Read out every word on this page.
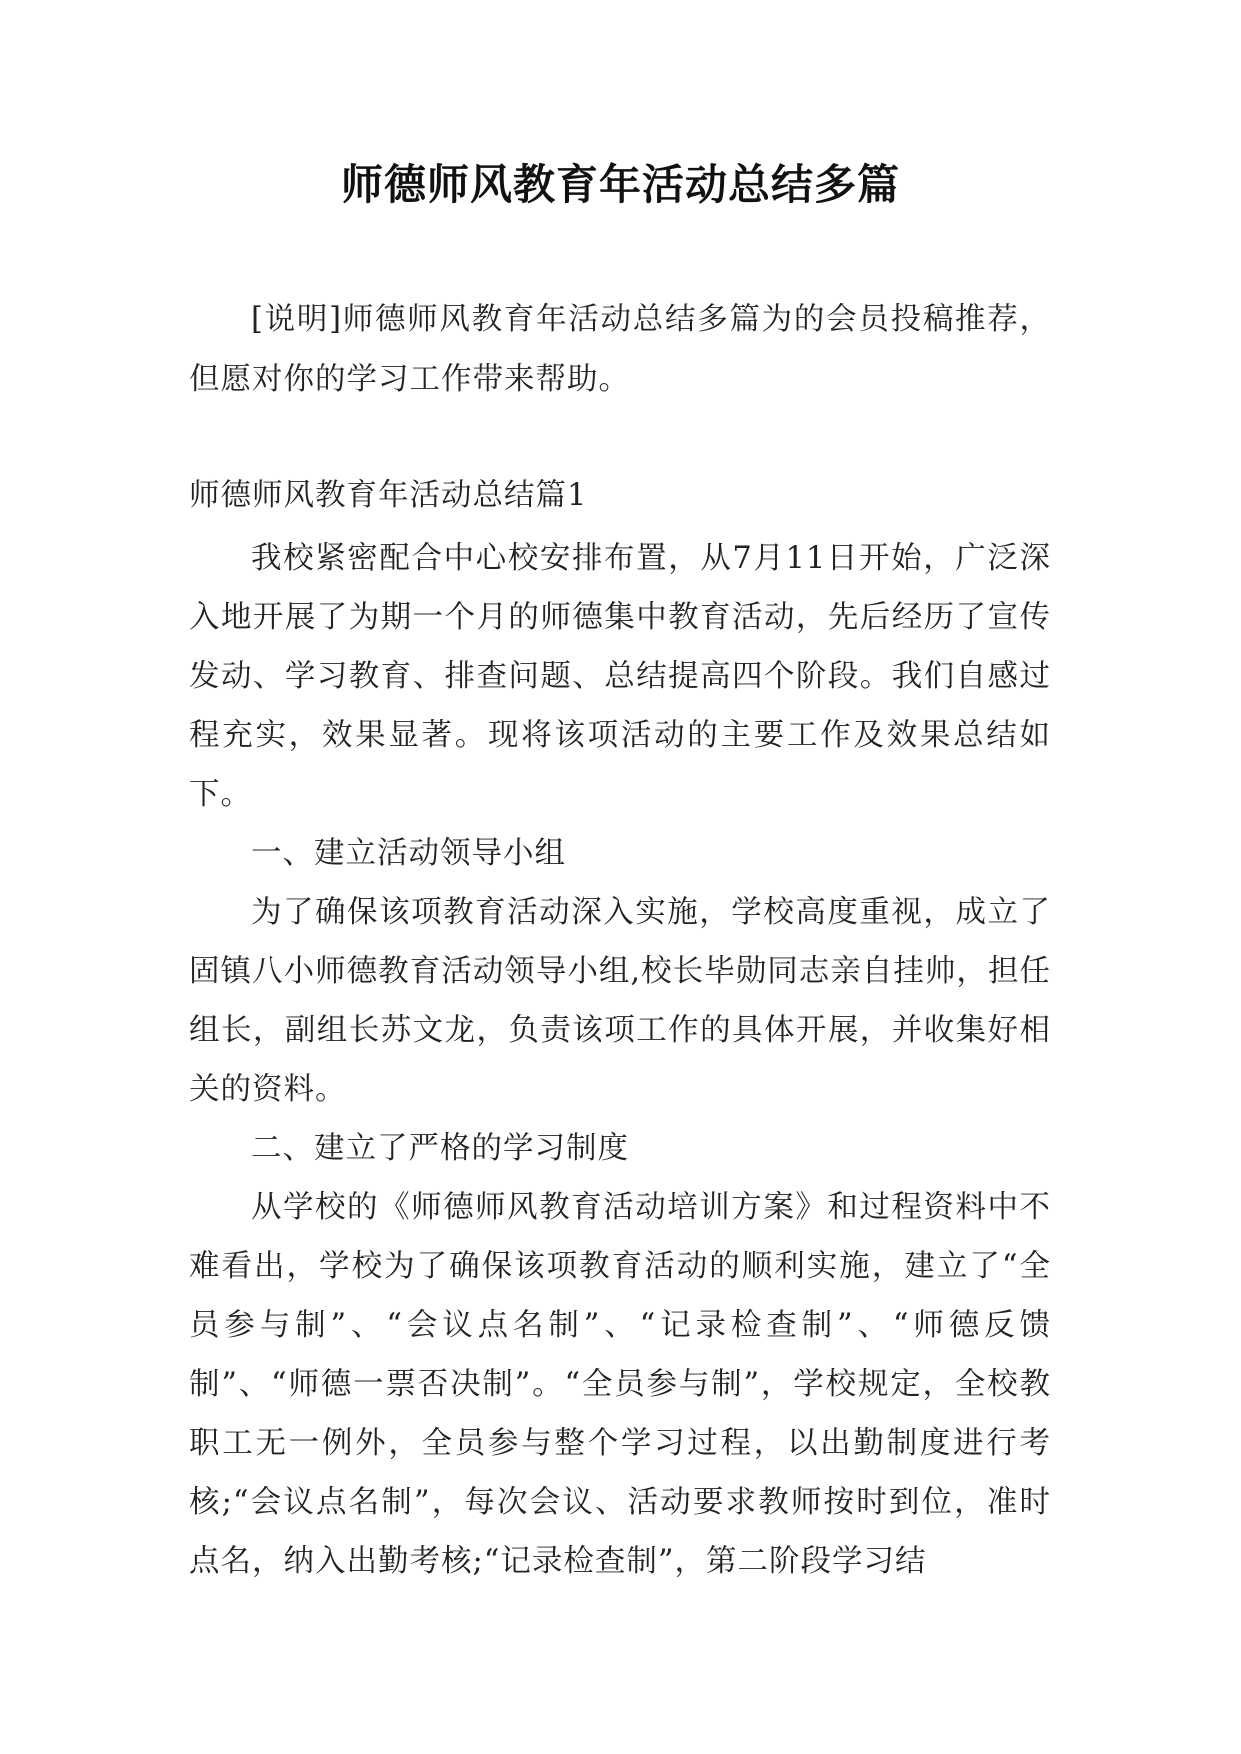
师德师风教育年活动总结多篇

[说明]师德师风教育年活动总结多篇为的会员投稿推荐，但愿对你的学习工作带来帮助。

师德师风教育年活动总结篇1

我校紧密配合中心校安排布置，从7月11日开始，广泛深入地开展了为期一个月的师德集中教育活动，先后经历了宣传发动、学习教育、排查问题、总结提高四个阶段。我们自感过程充实，效果显著。现将该项活动的主要工作及效果总结如下。

一、建立活动领导小组

为了确保该项教育活动深入实施，学校高度重视，成立了固镇八小师德教育活动领导小组,校长毕勋同志亲自挂帅，担任组长，副组长苏文龙，负责该项工作的具体开展，并收集好相关的资料。

二、建立了严格的学习制度

从学校的《师德师风教育活动培训方案》和过程资料中不难看出，学校为了确保该项教育活动的顺利实施，建立了“全员参与制”、“会议点名制”、“记录检查制”、“师德反馈制”、“师德一票否决制”。“全员参与制”，学校规定，全校教职工无一例外，全员参与整个学习过程，以出勤制度进行考核;“会议点名制”，每次会议、活动要求教师按时到位，准时点名，纳入出勤考核;“记录检查制”，第二阶段学习结
